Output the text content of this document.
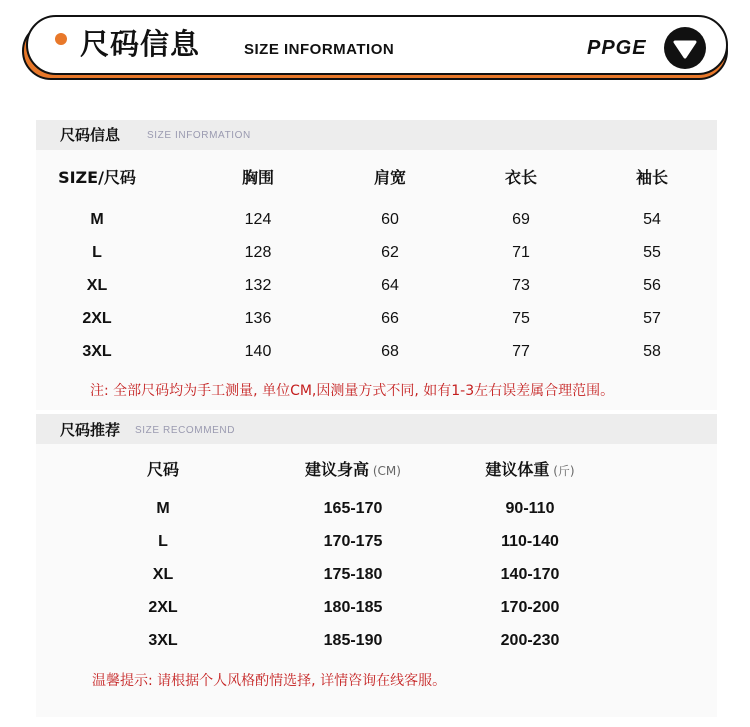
尺码信息	SIZE INFORMATION	PPGE
尺码信息	SIZE INFORMATION
SIZE/尺码	胸围	肩宽	衣长	袖长
M	124	60	69	54
L	128	62	71	55
XL	132	64	73	56
2XL	136	66	75	57
3XL	140	68	77	58
注: 全部尺码均为手工测量, 单位CM,因测量方式不同, 如有1-3左右误差属合理范围。
尺码推荐 SIZE RECOMMEND
尺码	建议身高 (CM)	建议体重 (斤)
M	165-170	90-110
L	170-175	110-140
XL	175-180	140-170
2XL	180-185	170-200
3XL	185-190	200-230
温馨提示: 请根据个人风格酌情选择, 详情咨询在线客服。
